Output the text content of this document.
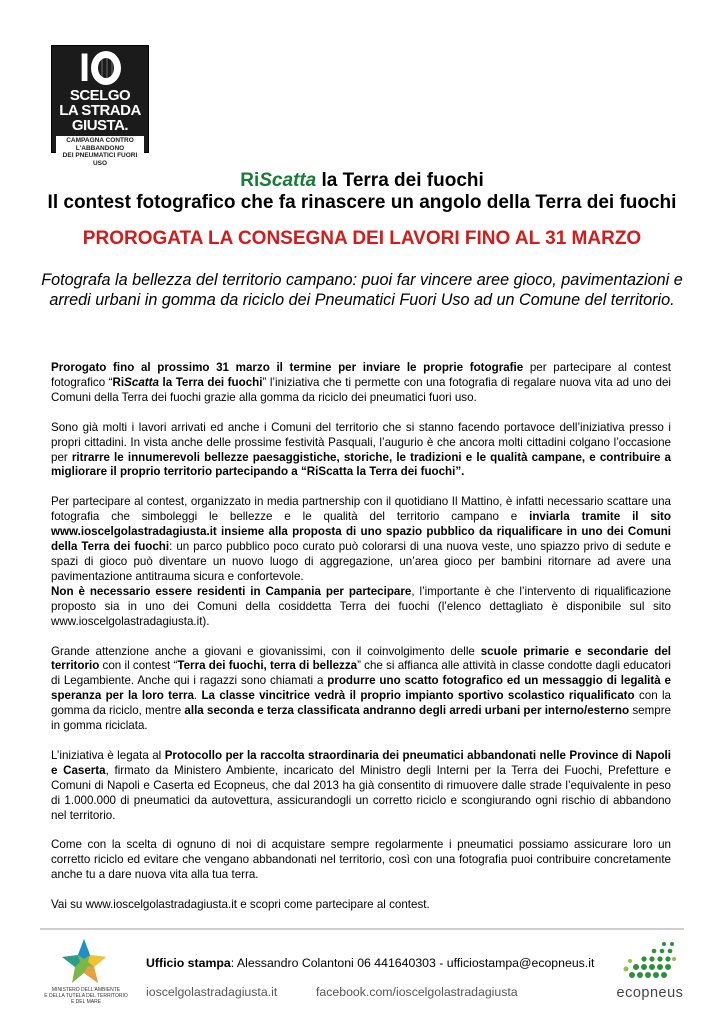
I
SCELGO
LA STRADA
GIUSTA.
CAMPAGNA CONTRO L'ABBANDONO
DEI PNEUMATICI FUORI USO
RiScatta la Terra dei fuochi
Il contest fotografico che fa rinascere un angolo della Terra dei fuochi
PROROGATA LA CONSEGNA DEI LAVORI FINO AL 31 MARZO
Fotografa la bellezza del territorio campano: puoi far vincere aree gioco, pavimentazioni e arredi urbani in gomma da riciclo dei Pneumatici Fuori Uso ad un Comune del territorio.

Prorogato fino al prossimo 31 marzo il termine per inviare le proprie fotografie per partecipare al contest fotografico “RiScatta la Terra dei fuochi” l’iniziativa che ti permette con una fotografia di regalare nuova vita ad uno dei Comuni della Terra dei fuochi grazie alla gomma da riciclo dei pneumatici fuori uso.

Sono già molti i lavori arrivati ed anche i Comuni del territorio che si stanno facendo portavoce dell’iniziativa presso i propri cittadini. In vista anche delle prossime festività Pasquali, l’augurio è che ancora molti cittadini colgano l’occasione per ritrarre le innumerevoli bellezze paesaggistiche, storiche, le tradizioni e le qualità campane, e contribuire a migliorare il proprio territorio partecipando a “RiScatta la Terra dei fuochi”.

Per partecipare al contest, organizzato in media partnership con il quotidiano Il Mattino, è infatti necessario scattare una fotografia che simboleggi le bellezze e le qualità del territorio campano e inviarla tramite il sito www.ioscelgolastradagiusta.it insieme alla proposta di uno spazio pubblico da riqualificare in uno dei Comuni della Terra dei fuochi: un parco pubblico poco curato può colorarsi di una nuova veste, uno spiazzo privo di sedute e spazi di gioco può diventare un nuovo luogo di aggregazione, un’area gioco per bambini ritornare ad avere una pavimentazione antitrauma sicura e confortevole.

Non è necessario essere residenti in Campania per partecipare, l’importante è che l’intervento di riqualificazione proposto sia in uno dei Comuni della cosiddetta Terra dei fuochi (l’elenco dettagliato è disponibile sul sito www.ioscelgolastradagiusta.it).

Grande attenzione anche a giovani e giovanissimi, con il coinvolgimento delle scuole primarie e secondarie del territorio con il contest “Terra dei fuochi, terra di bellezza” che si affianca alle attività in classe condotte dagli educatori di Legambiente. Anche qui i ragazzi sono chiamati a produrre uno scatto fotografico ed un messaggio di legalità e speranza per la loro terra. La classe vincitrice vedrà il proprio impianto sportivo scolastico riqualificato con la gomma da riciclo, mentre alla seconda e terza classificata andranno degli arredi urbani per interno/esterno sempre in gomma riciclata.

L’iniziativa è legata al Protocollo per la raccolta straordinaria dei pneumatici abbandonati nelle Province di Napoli e Caserta, firmato da Ministero Ambiente, incaricato del Ministro degli Interni per la Terra dei Fuochi, Prefetture e Comuni di Napoli e Caserta ed Ecopneus, che dal 2013 ha già consentito di rimuovere dalle strade l’equivalente in peso di 1.000.000 di pneumatici da autovettura, assicurandogli un corretto riciclo e scongiurando ogni rischio di abbandono nel territorio.

Come con la scelta di ognuno di noi di acquistare sempre regolarmente i pneumatici possiamo assicurare loro un corretto riciclo ed evitare che vengano abbandonati nel territorio, così con una fotografia puoi contribuire concretamente anche tu a dare nuova vita alla tua terra.

Vai su www.ioscelgolastradagiusta.it e scopri come partecipare al contest.

MINISTERO DELL'AMBIENTE
E DELLA TUTELA DEL TERRITORIO E DEL MARE
Ufficio stampa: Alessandro Colantoni 06 441640303 - ufficiostampa@ecopneus.it
ioscelgolastradagiusta.it	facebook.com/ioscelgolastradagiusta	ecopneus
